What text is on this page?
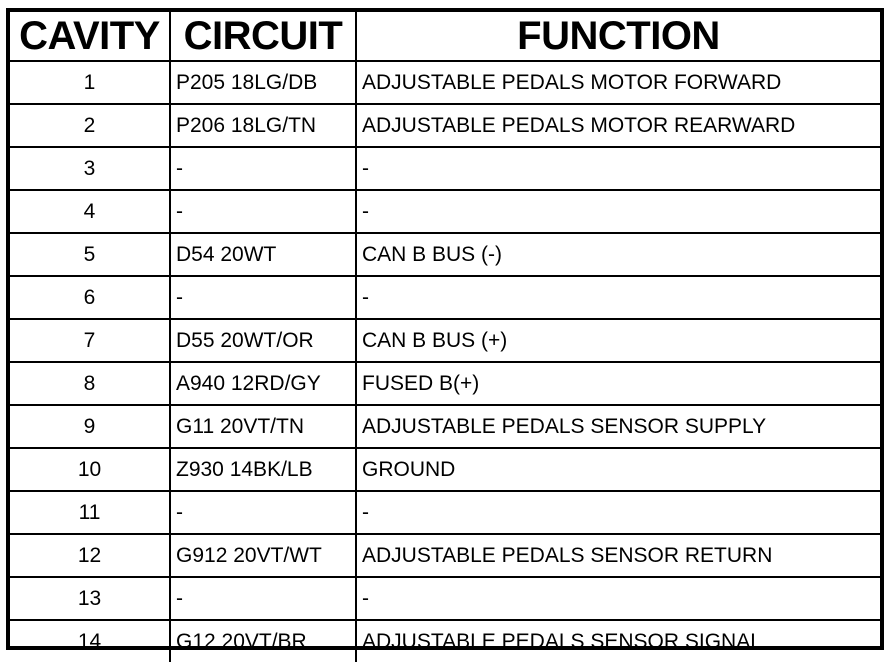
CAVITY	CIRCUIT	FUNCTION
1	P205 18LG/DB	ADJUSTABLE PEDALS MOTOR FORWARD
2	P206 18LG/TN	ADJUSTABLE PEDALS MOTOR REARWARD
3	-	-
4	-	-
5	D54 20WT	CAN B BUS (-)
6	-	-
7	D55 20WT/OR	CAN B BUS (+)
8	A940 12RD/GY	FUSED B(+)
9	G11 20VT/TN	ADJUSTABLE PEDALS SENSOR SUPPLY
10	Z930 14BK/LB	GROUND
11	-	-
12	G912 20VT/WT	ADJUSTABLE PEDALS SENSOR RETURN
13	-	-
14	G12 20VT/BR	ADJUSTABLE PEDALS SENSOR SIGNAL
